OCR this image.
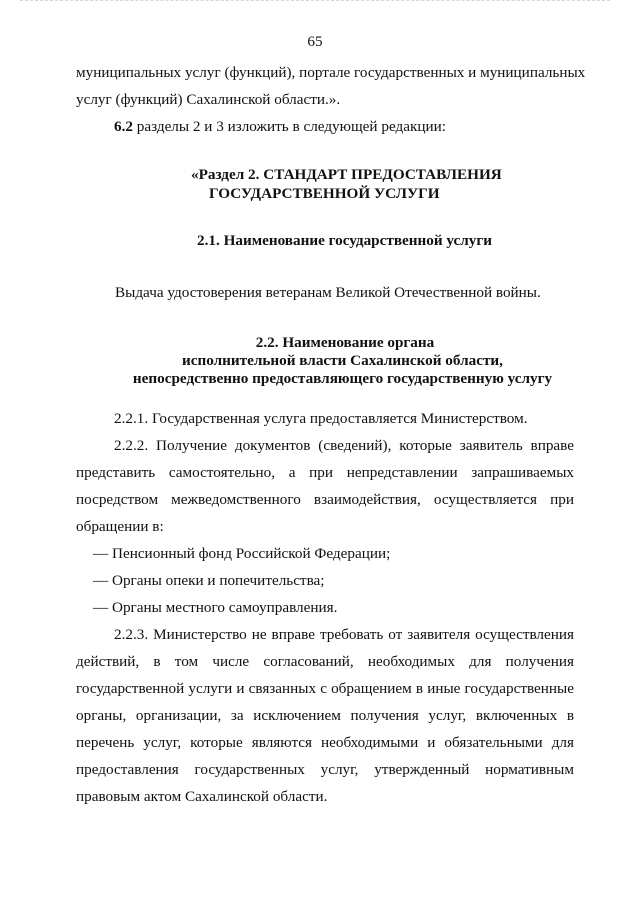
65

муниципальных услуг (функций), портале государственных и муниципальных

услуг (функций) Сахалинской области.».

6.2 разделы 2 и 3 изложить в следующей редакции:

«Раздел 2. СТАНДАРТ ПРЕДОСТАВЛЕНИЯ

ГОСУДАРСТВЕННОЙ УСЛУГИ

2.1. Наименование государственной услуги

Выдача удостоверения ветеранам Великой Отечественной войны.

2.2. Наименование органа

исполнительной власти Сахалинской области,

непосредственно предоставляющего государственную услугу

2.2.1. Государственная услуга предоставляется Министерством.

2.2.2. Получение документов (сведений), которые заявитель вправе

представить самостоятельно, а при непредставлении запрашиваемых

посредством межведомственного взаимодействия, осуществляется при

обращении в:

— Пенсионный фонд Российской Федерации;

— Органы опеки и попечительства;

— Органы местного самоуправления.

2.2.3. Министерство не вправе требовать от заявителя осуществления

действий, в том числе согласований, необходимых для получения

государственной услуги и связанных с обращением в иные государственные

органы, организации, за исключением получения услуг, включенных в

перечень услуг, которые являются необходимыми и обязательными для

предоставления государственных услуг, утвержденный нормативным

правовым актом Сахалинской области.
